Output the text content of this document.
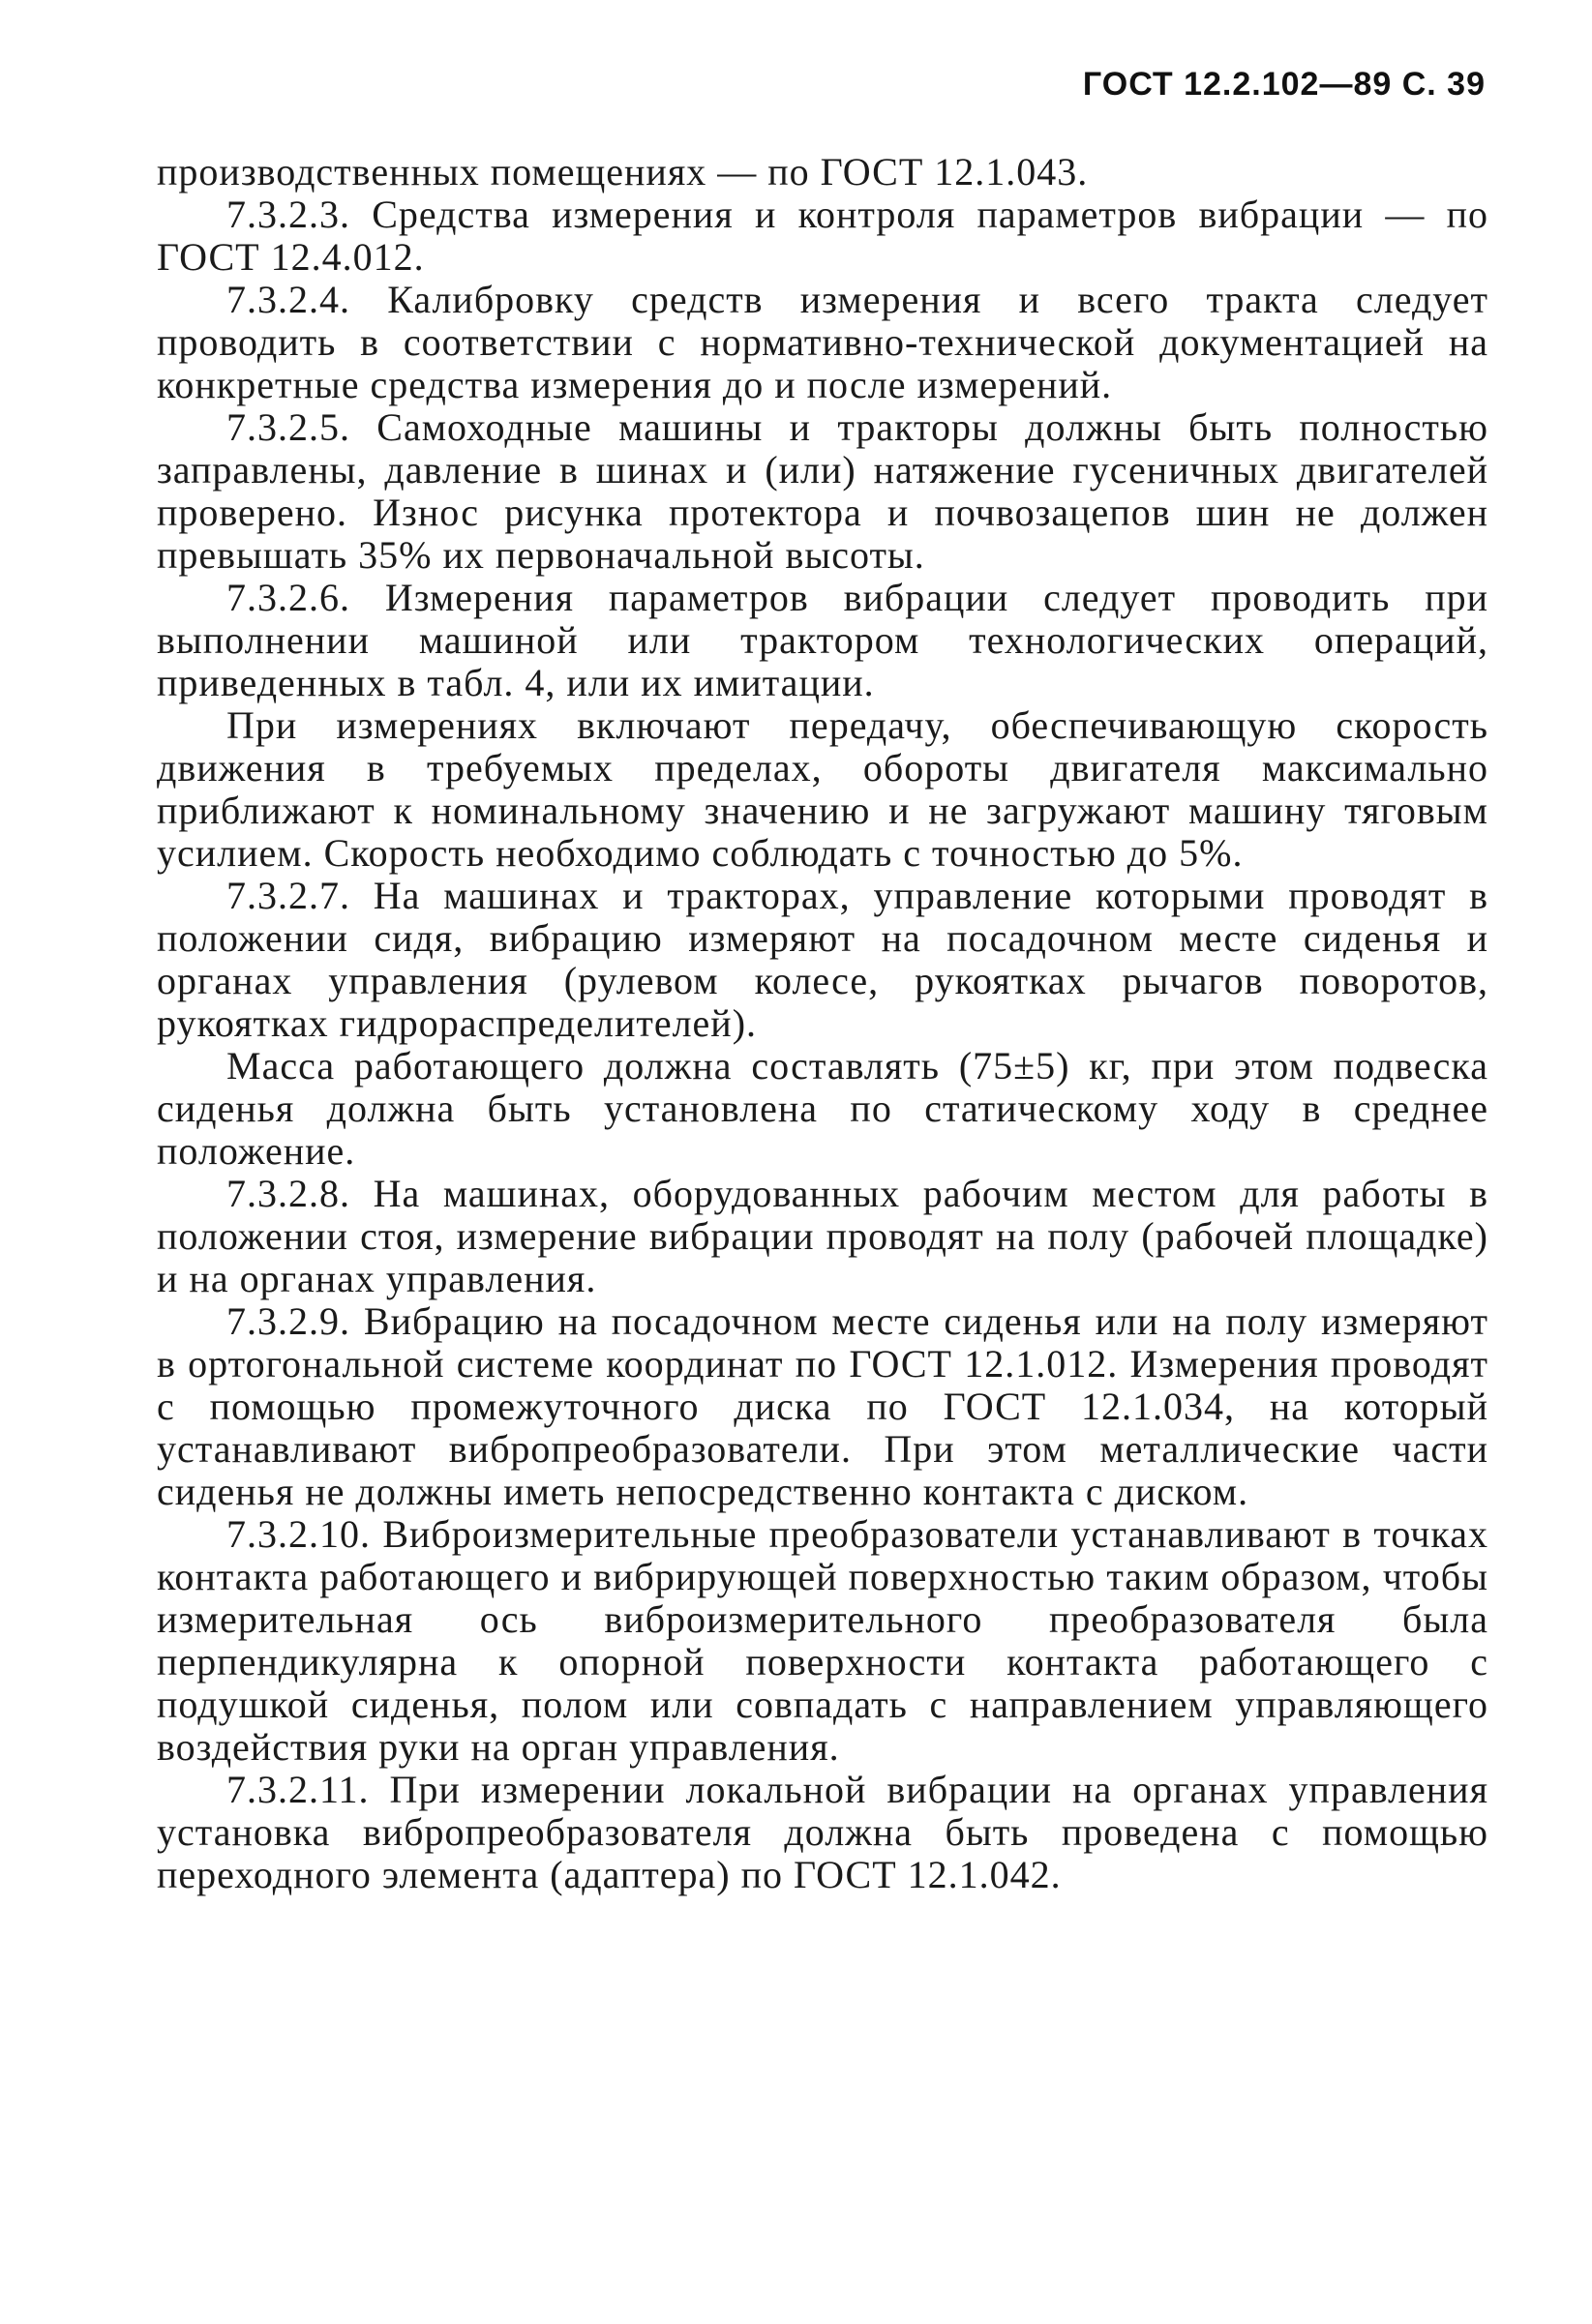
ГОСТ 12.2.102—89 С. 39

производственных помещениях — по ГОСТ 12.1.043.

7.3.2.3. Средства измерения и контроля параметров вибрации — по ГОСТ 12.4.012.

7.3.2.4. Калибровку средств измерения и всего тракта следует проводить в соответствии с нормативно-технической документацией на конкретные средства измерения до и после измерений.

7.3.2.5. Самоходные машины и тракторы должны быть полностью заправлены, давление в шинах и (или) натяжение гусеничных двигателей проверено. Износ рисунка протектора и почвозацепов шин не должен превышать 35% их первоначальной высоты.

7.3.2.6. Измерения параметров вибрации следует проводить при выполнении машиной или трактором технологических операций, приведенных в табл. 4, или их имитации.

При измерениях включают передачу, обеспечивающую скорость движения в требуемых пределах, обороты двигателя максимально приближают к номинальному значению и не загружают машину тяговым усилием. Скорость необходимо соблюдать с точностью до 5%.

7.3.2.7. На машинах и тракторах, управление которыми проводят в положении сидя, вибрацию измеряют на посадочном месте сиденья и органах управления (рулевом колесе, рукоятках рычагов поворотов, рукоятках гидрораспределителей).

Масса работающего должна составлять (75±5) кг, при этом подвеска сиденья должна быть установлена по статическому ходу в среднее положение.

7.3.2.8. На машинах, оборудованных рабочим местом для работы в положении стоя, измерение вибрации проводят на полу (рабочей площадке) и на органах управления.

7.3.2.9. Вибрацию на посадочном месте сиденья или на полу измеряют в ортогональной системе координат по ГОСТ 12.1.012. Измерения проводят с помощью промежуточного диска по ГОСТ 12.1.034, на который устанавливают вибропреобразователи. При этом металлические части сиденья не должны иметь непосредственно контакта с диском.

7.3.2.10. Виброизмерительные преобразователи устанавливают в точках контакта работающего и вибрирующей поверхностью таким образом, чтобы измерительная ось виброизмерительного преобразователя была перпендикулярна к опорной поверхности контакта работающего с подушкой сиденья, полом или совпадать с направлением управляющего воздействия руки на орган управления.

7.3.2.11. При измерении локальной вибрации на органах управления установка вибропреобразователя должна быть проведена с помощью переходного элемента (адаптера) по ГОСТ 12.1.042.
